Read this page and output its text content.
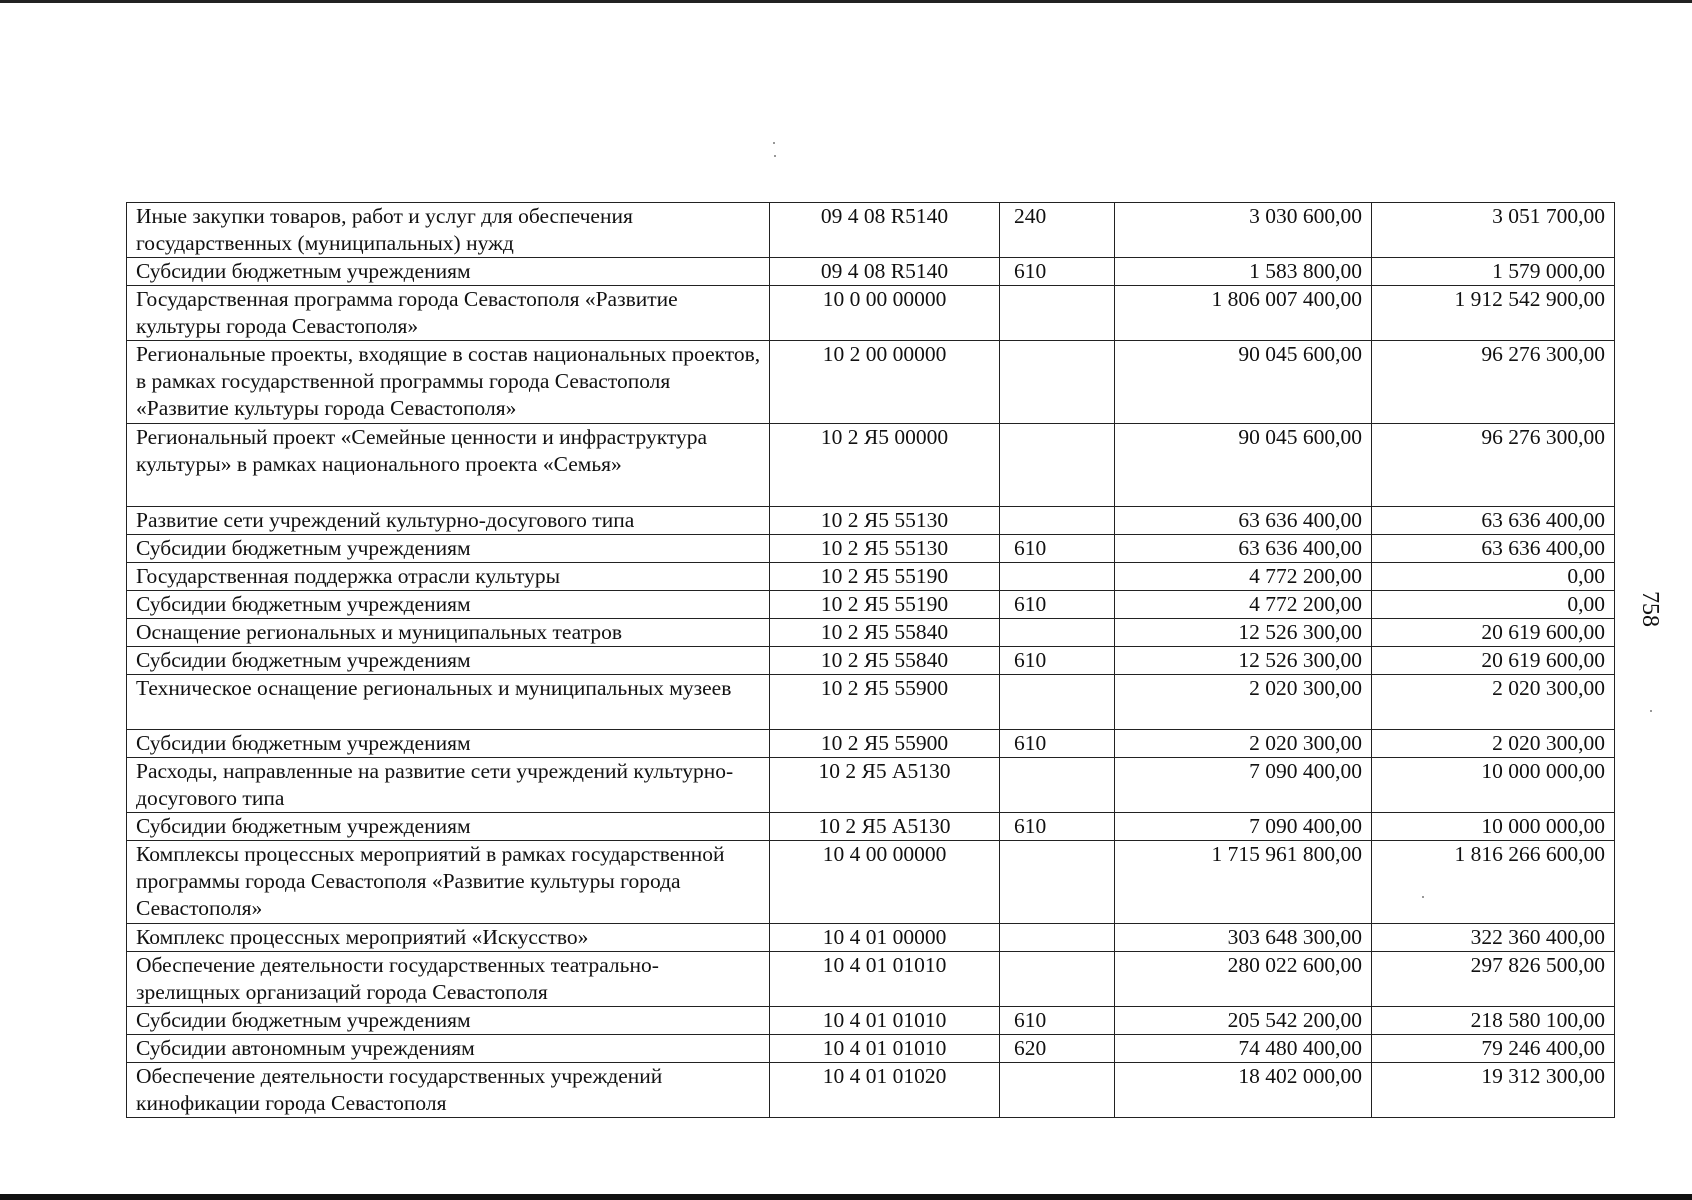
Иные закупки товаров, работ и услуг для обеспечения государственных (муниципальных) нужд	09 4 08 R5140	240	3 030 600,00	3 051 700,00
Субсидии бюджетным учреждениям	09 4 08 R5140	610	1 583 800,00	1 579 000,00
Государственная программа города Севастополя «Развитие культуры города Севастополя»	10 0 00 00000		1 806 007 400,00	1 912 542 900,00
Региональные проекты, входящие в состав национальных проектов, в рамках государственной программы города Севастополя «Развитие культуры города Севастополя»	10 2 00 00000		90 045 600,00	96 276 300,00
Региональный проект «Семейные ценности и инфраструктура культуры» в рамках национального проекта «Семья»	10 2 Я5 00000		90 045 600,00	96 276 300,00
Развитие сети учреждений культурно-досугового типа	10 2 Я5 55130		63 636 400,00	63 636 400,00
Субсидии бюджетным учреждениям	10 2 Я5 55130	610	63 636 400,00	63 636 400,00
Государственная поддержка отрасли культуры	10 2 Я5 55190		4 772 200,00	0,00
Субсидии бюджетным учреждениям	10 2 Я5 55190	610	4 772 200,00	0,00
Оснащение региональных и муниципальных театров	10 2 Я5 55840		12 526 300,00	20 619 600,00
Субсидии бюджетным учреждениям	10 2 Я5 55840	610	12 526 300,00	20 619 600,00
Техническое оснащение региональных и муниципальных музеев	10 2 Я5 55900		2 020 300,00	2 020 300,00
Субсидии бюджетным учреждениям	10 2 Я5 55900	610	2 020 300,00	2 020 300,00
Расходы, направленные на развитие сети учреждений культурно-досугового типа	10 2 Я5 А5130		7 090 400,00	10 000 000,00
Субсидии бюджетным учреждениям	10 2 Я5 А5130	610	7 090 400,00	10 000 000,00
Комплексы процессных мероприятий в рамках государственной программы города Севастополя «Развитие культуры города Севастополя»	10 4 00 00000		1 715 961 800,00	1 816 266 600,00
Комплекс процессных мероприятий «Искусство»	10 4 01 00000		303 648 300,00	322 360 400,00
Обеспечение деятельности государственных театрально-зрелищных организаций города Севастополя	10 4 01 01010		280 022 600,00	297 826 500,00
Субсидии бюджетным учреждениям	10 4 01 01010	610	205 542 200,00	218 580 100,00
Субсидии автономным учреждениям	10 4 01 01010	620	74 480 400,00	79 246 400,00
Обеспечение деятельности государственных учреждений кинофикации города Севастополя	10 4 01 01020		18 402 000,00	19 312 300,00
758
